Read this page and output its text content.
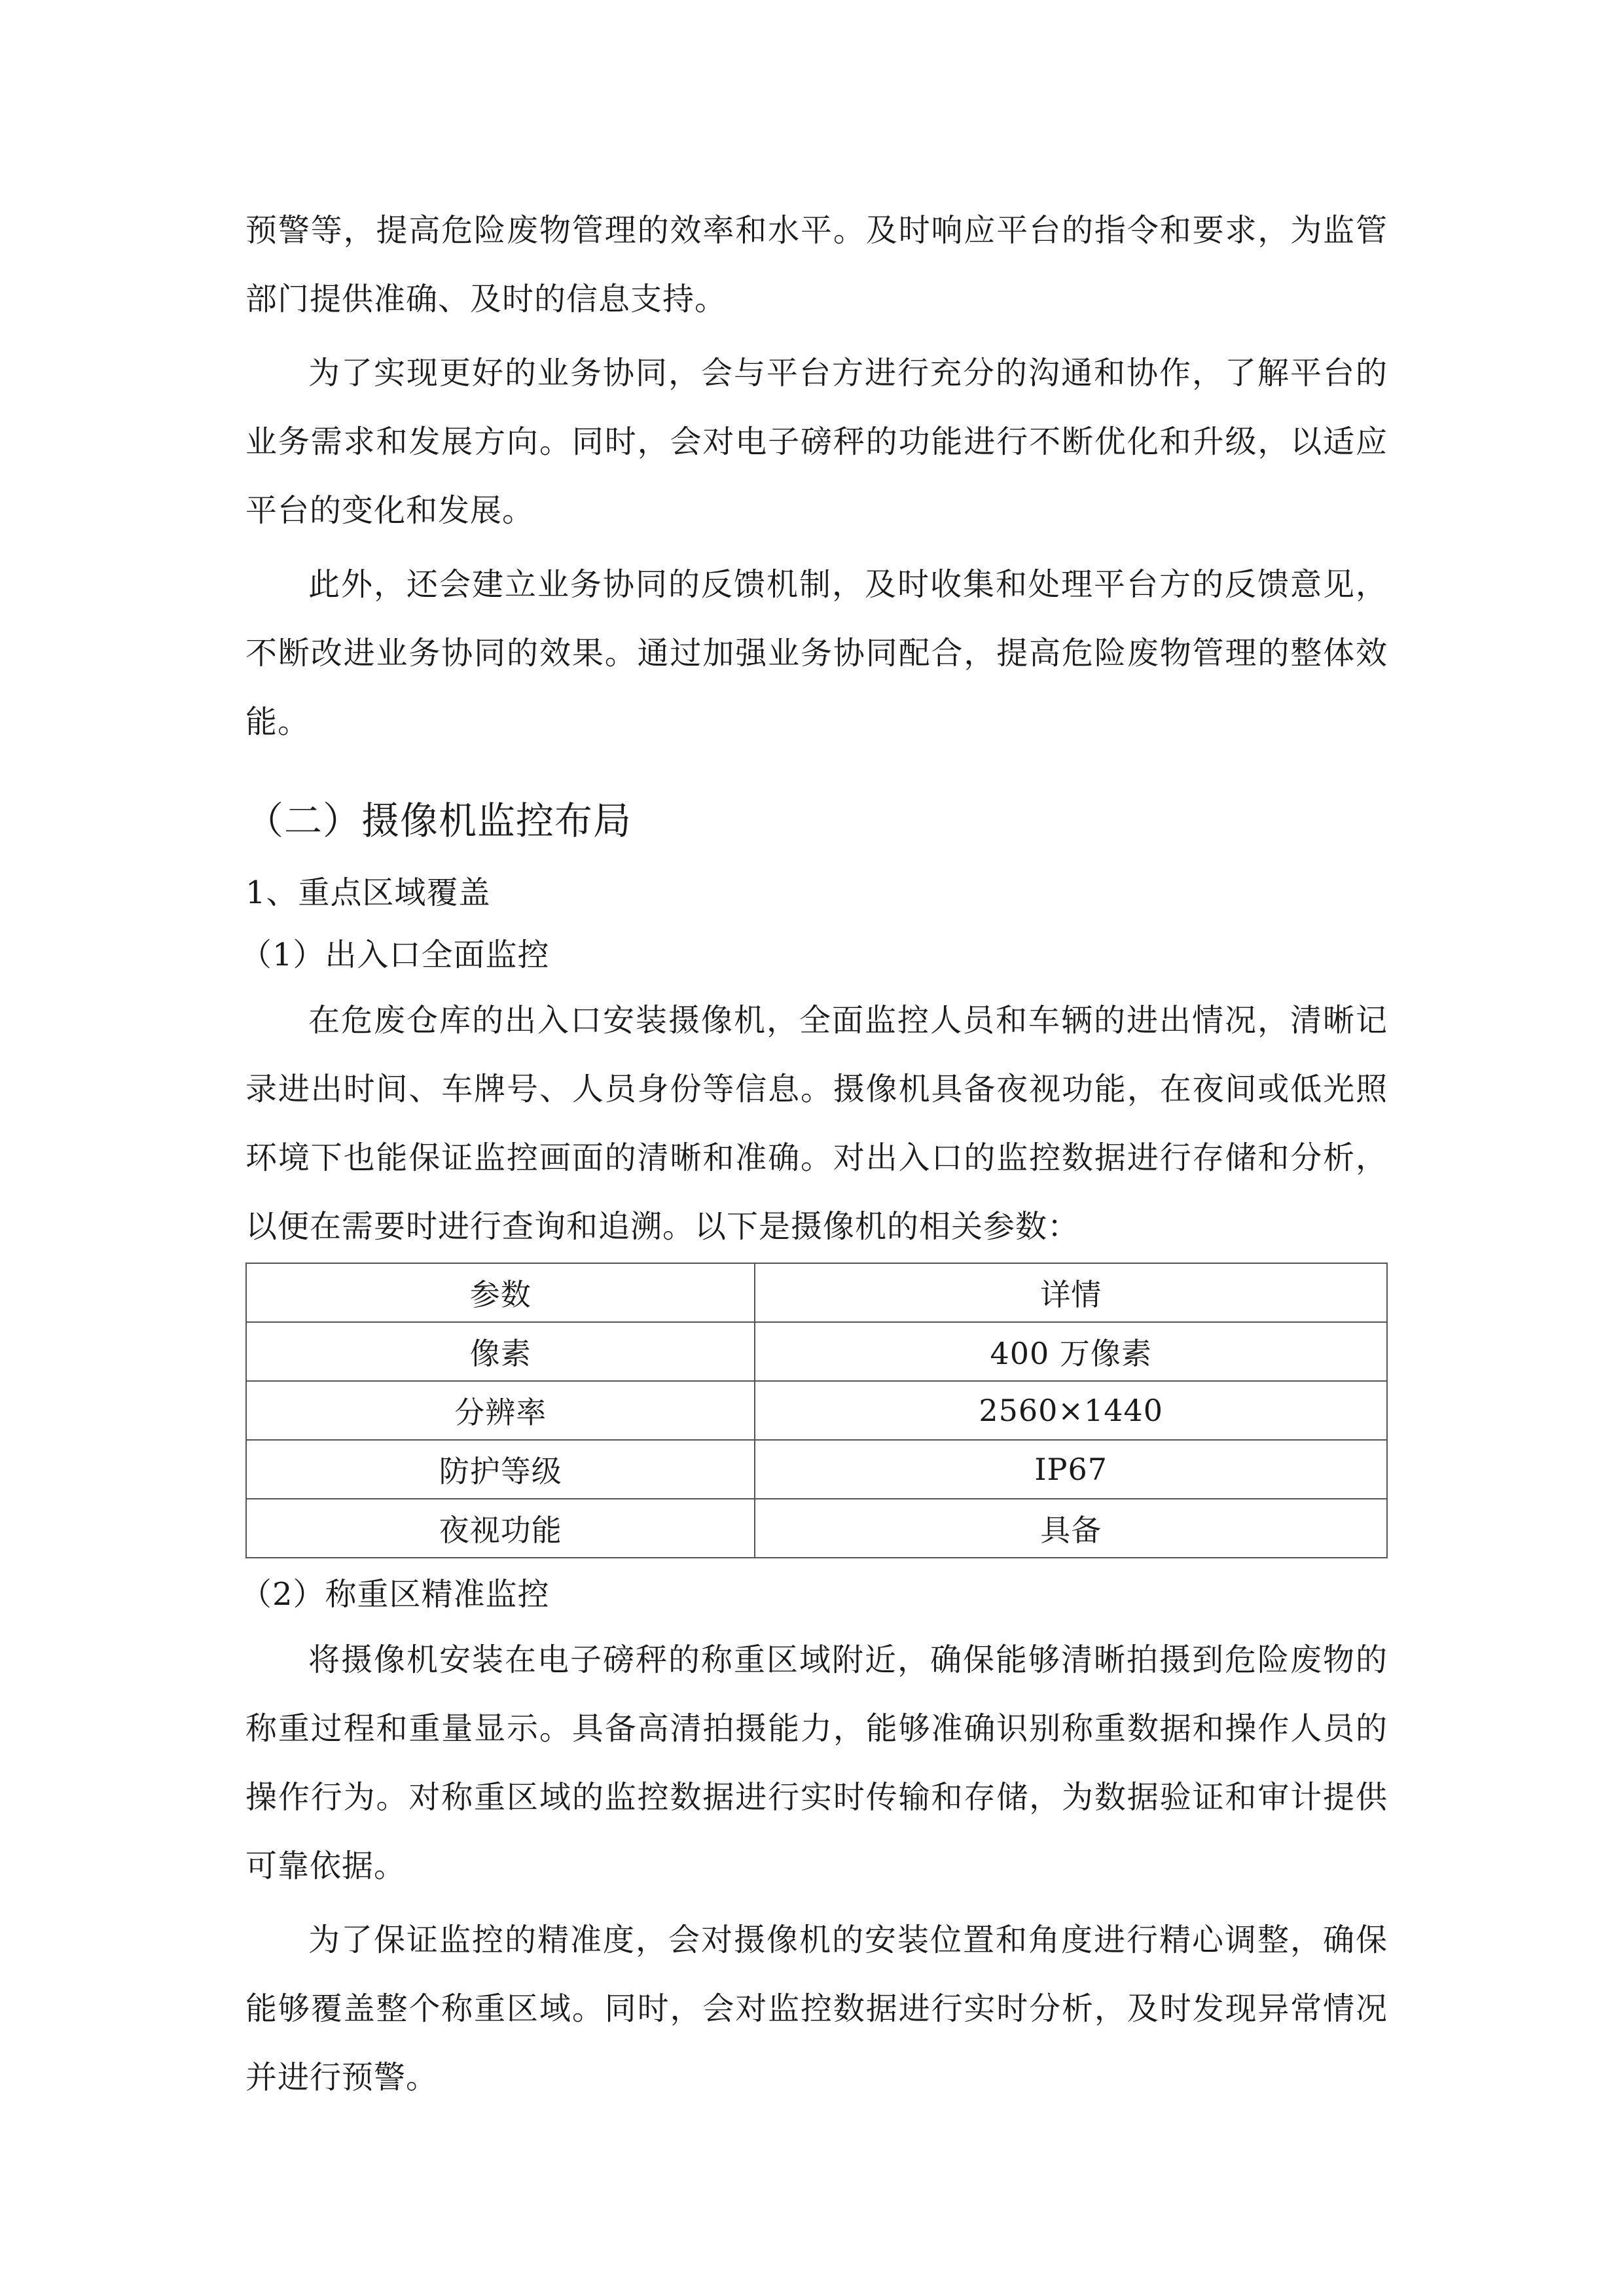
预警等，提高危险废物管理的效率和水平。及时响应平台的指令和要求，为监管部门提供准确、及时的信息支持。

为了实现更好的业务协同，会与平台方进行充分的沟通和协作，了解平台的业务需求和发展方向。同时，会对电子磅秤的功能进行不断优化和升级，以适应平台的变化和发展。

此外，还会建立业务协同的反馈机制，及时收集和处理平台方的反馈意见，不断改进业务协同的效果。通过加强业务协同配合，提高危险废物管理的整体效能。

（二）摄像机监控布局

1、重点区域覆盖

（1）出入口全面监控

在危废仓库的出入口安装摄像机，全面监控人员和车辆的进出情况，清晰记录进出时间、车牌号、人员身份等信息。摄像机具备夜视功能，在夜间或低光照环境下也能保证监控画面的清晰和准确。对出入口的监控数据进行存储和分析，以便在需要时进行查询和追溯。以下是摄像机的相关参数：

参数	详情
像素	400 万像素
分辨率	2560×1440
防护等级	IP67
夜视功能	具备

（2）称重区精准监控

将摄像机安装在电子磅秤的称重区域附近，确保能够清晰拍摄到危险废物的称重过程和重量显示。具备高清拍摄能力，能够准确识别称重数据和操作人员的操作行为。对称重区域的监控数据进行实时传输和存储，为数据验证和审计提供可靠依据。

为了保证监控的精准度，会对摄像机的安装位置和角度进行精心调整，确保能够覆盖整个称重区域。同时，会对监控数据进行实时分析，及时发现异常情况并进行预警。
